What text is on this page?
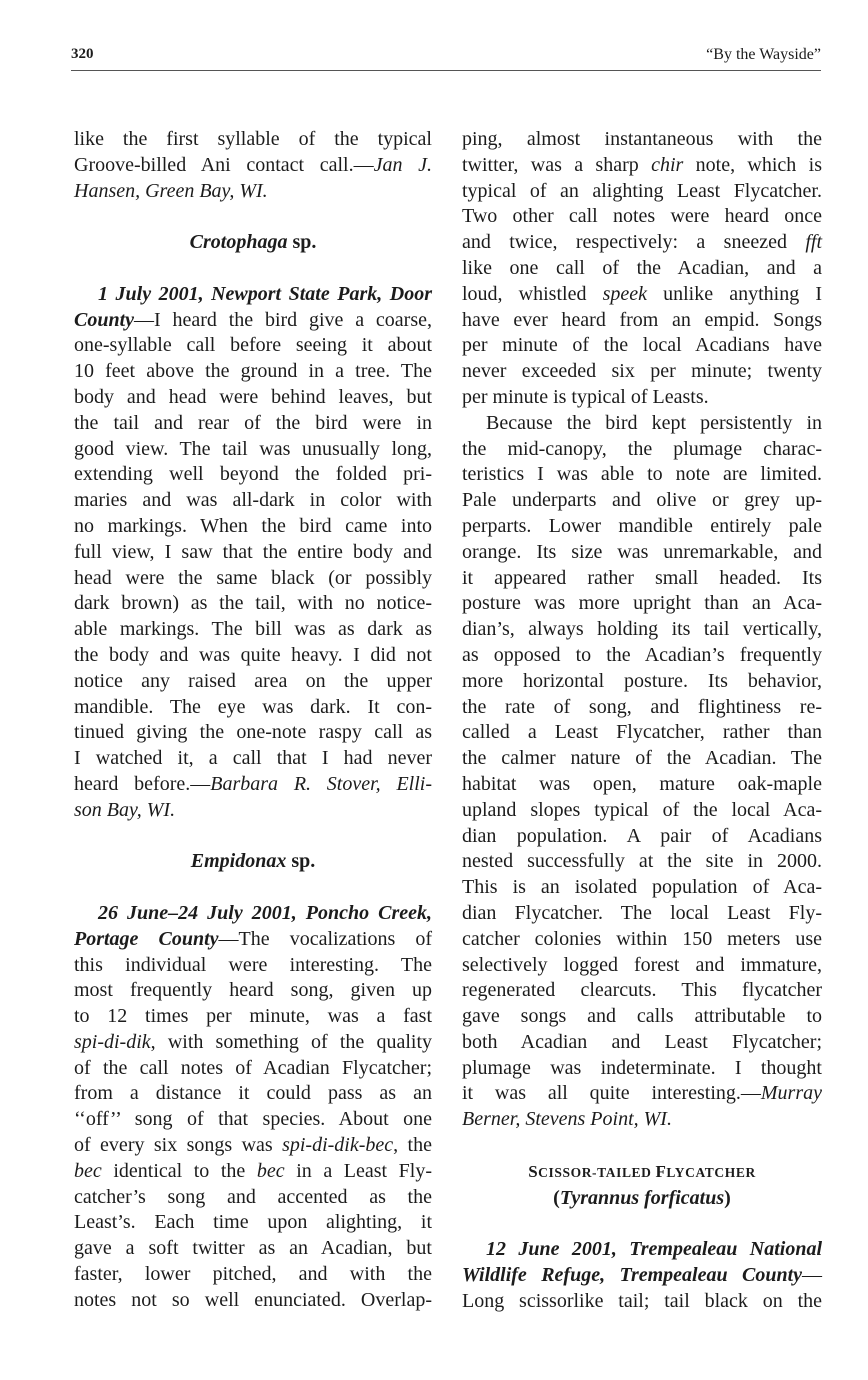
320	“By the Wayside”
like the first syllable of the typical
Groove-billed Ani contact call.—Jan J.
Hansen, Green Bay, WI.

Crotophaga sp.

1 July 2001, Newport State Park, Door
County—I heard the bird give a coarse,
one-syllable call before seeing it about
10 feet above the ground in a tree. The
body and head were behind leaves, but
the tail and rear of the bird were in
good view. The tail was unusually long,
extending well beyond the folded pri-
maries and was all-dark in color with
no markings. When the bird came into
full view, I saw that the entire body and
head were the same black (or possibly
dark brown) as the tail, with no notice-
able markings. The bill was as dark as
the body and was quite heavy. I did not
notice any raised area on the upper
mandible. The eye was dark. It con-
tinued giving the one-note raspy call as
I watched it, a call that I had never
heard before.—Barbara R. Stover, Elli-
son Bay, WI.

Empidonax sp.

26 June–24 July 2001, Poncho Creek,
Portage County—The vocalizations of
this individual were interesting. The
most frequently heard song, given up
to 12 times per minute, was a fast
spi-di-dik, with something of the quality
of the call notes of Acadian Flycatcher;
from a distance it could pass as an
‘‘off’’ song of that species. About one
of every six songs was spi-di-dik-bec, the
bec identical to the bec in a Least Fly-
catcher’s song and accented as the
Least’s. Each time upon alighting, it
gave a soft twitter as an Acadian, but
faster, lower pitched, and with the
notes not so well enunciated. Overlap-
ping, almost instantaneous with the
twitter, was a sharp chir note, which is
typical of an alighting Least Flycatcher.
Two other call notes were heard once
and twice, respectively: a sneezed fft
like one call of the Acadian, and a
loud, whistled speek unlike anything I
have ever heard from an empid. Songs
per minute of the local Acadians have
never exceeded six per minute; twenty
per minute is typical of Leasts.
Because the bird kept persistently in
the mid-canopy, the plumage charac-
teristics I was able to note are limited.
Pale underparts and olive or grey up-
perparts. Lower mandible entirely pale
orange. Its size was unremarkable, and
it appeared rather small headed. Its
posture was more upright than an Aca-
dian’s, always holding its tail vertically,
as opposed to the Acadian’s frequently
more horizontal posture. Its behavior,
the rate of song, and flightiness re-
called a Least Flycatcher, rather than
the calmer nature of the Acadian. The
habitat was open, mature oak-maple
upland slopes typical of the local Aca-
dian population. A pair of Acadians
nested successfully at the site in 2000.
This is an isolated population of Aca-
dian Flycatcher. The local Least Fly-
catcher colonies within 150 meters use
selectively logged forest and immature,
regenerated clearcuts. This flycatcher
gave songs and calls attributable to
both Acadian and Least Flycatcher;
plumage was indeterminate. I thought
it was all quite interesting.—Murray
Berner, Stevens Point, WI.

SCISSOR-TAILED FLYCATCHER

(Tyrannus forficatus)

12 June 2001, Trempealeau National
Wildlife Refuge, Trempealeau County—
Long scissorlike tail; tail black on the
